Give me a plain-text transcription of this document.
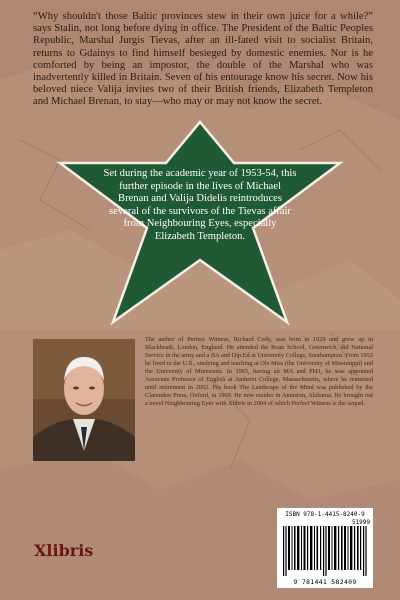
“Why shouldn't those Baltic provinces stew in their own juice for a while?” says Stalin, not long before dying in office. The President of the Baltic Peoples Republic, Marshal Jurgis Tievas, after an ill-fated visit to socialist Britain, returns to Gdainys to find himself besieged by domestic enemies. Nor is he comforted by being an impostor, the double of the Marshal who was inadvertently killed in Britain. Seven of his entourage know his secret. Now his beloved niece Valija invites two of their British friends, Elizabeth Templeton and Michael Brenan, to stay—who may or may not know the secret.

Set during the academic year of 1953-54, this further episode in the lives of Michael Brenan and Valija Didelis reintroduces several of the survivors of the Tievas affair from Neighbouring Eyes, especially Elizabeth Templeton.

The author of Perfect Witness, Richard Cody, was born in 1929 and grew up in Blackheath, London, England. He attended the Roan School, Greenwich, did National Service in the army and a BA and Dip.Ed at University College, Southampton. From 1953 he lived in the U.S., studying and teaching at Ole Miss (the University of Mississippi) and the University of Minnesota. In 1965, having an MA and PhD, he was appointed Associate Professor of English at Amherst College, Massachusetts, where he remained until retirement in 2002. His book The Landscape of the Mind was published by the Clarendon Press, Oxford, in 1969. He now resides in Anniston, Alabama. He brought out a novel Neighbouring Eyes with Xlibris in 2004 of which Perfect Witness is the sequel.

Xlibris
ISBN 978-1-4415-8240-9
51999
9 781441 582409
